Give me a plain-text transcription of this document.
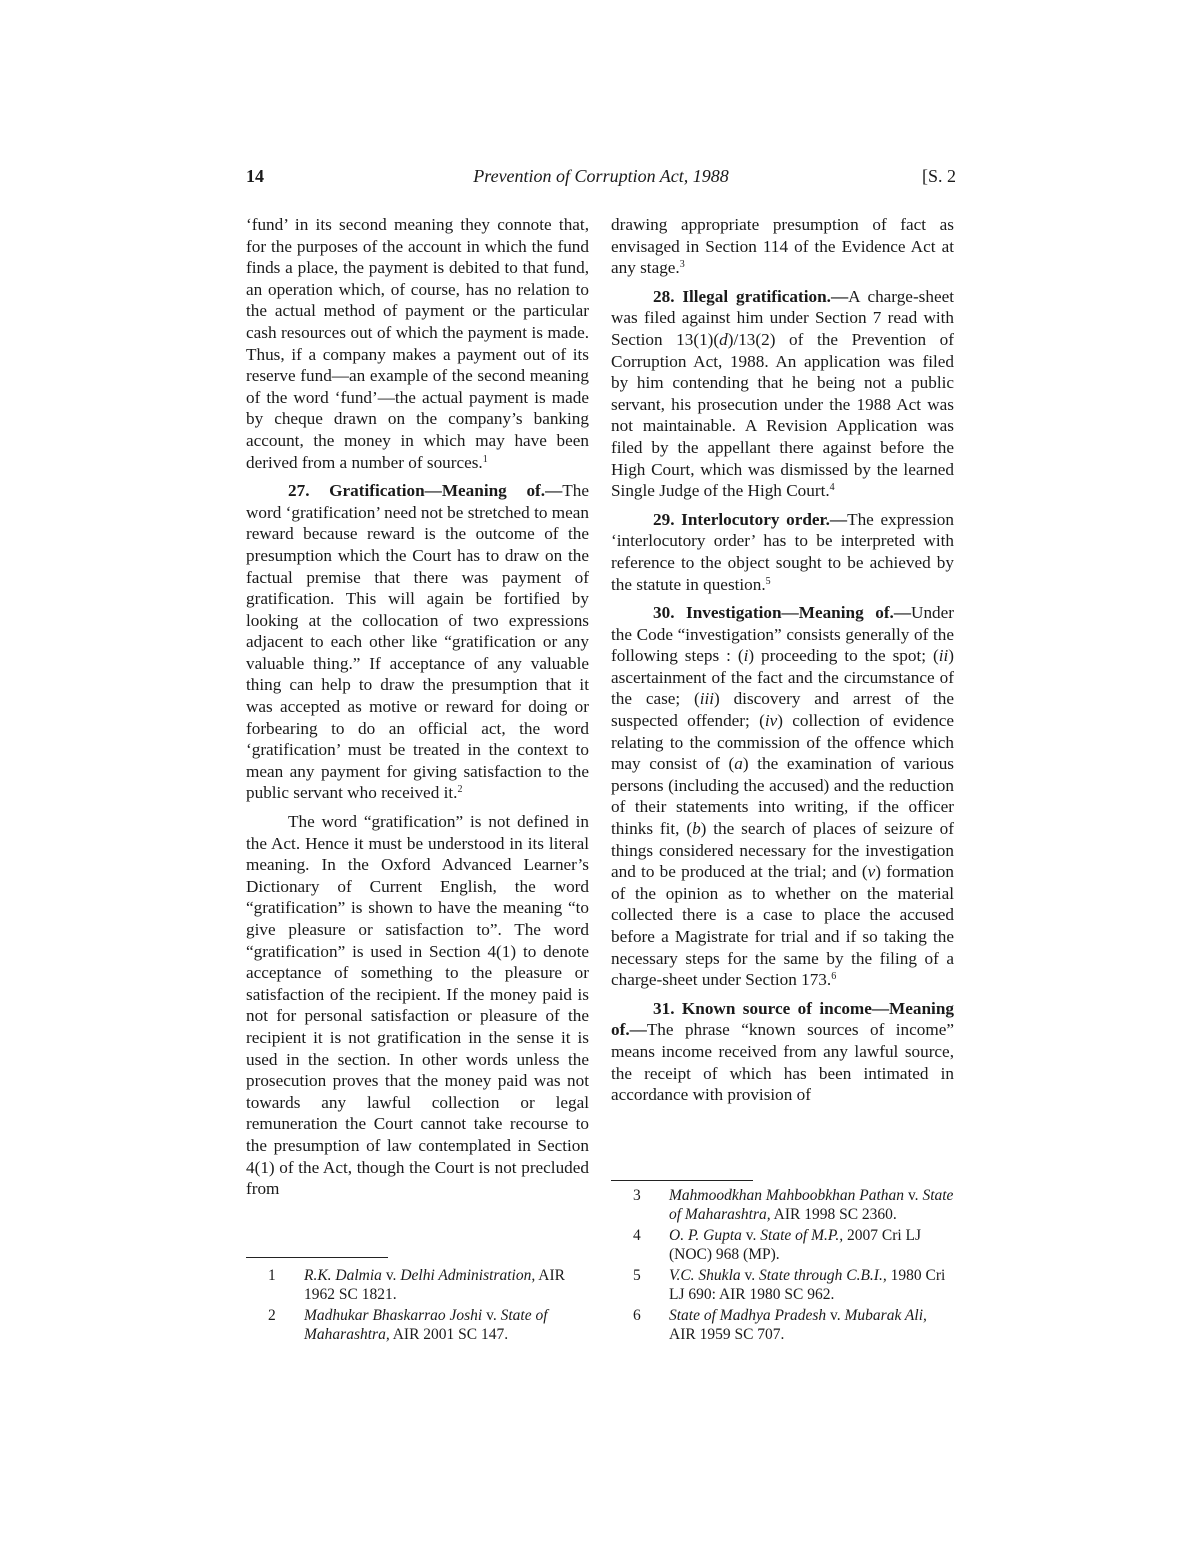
14	Prevention of Corruption Act, 1988	[S. 2

‘fund’ in its second meaning they connote that, for the purposes of the account in which the fund finds a place, the payment is debited to that fund, an operation which, of course, has no relation to the actual method of payment or the particular cash resources out of which the payment is made. Thus, if a company makes a payment out of its reserve fund—an example of the second meaning of the word ‘fund’—the actual payment is made by cheque drawn on the company’s banking account, the money in which may have been derived from a number of sources.$^1$

27. Gratification—Meaning of.—The word ‘gratification’ need not be stretched to mean reward because reward is the outcome of the presumption which the Court has to draw on the factual premise that there was payment of gratification. This will again be fortified by looking at the collocation of two expressions adjacent to each other like “gratification or any valuable thing.” If acceptance of any valuable thing can help to draw the presumption that it was accepted as motive or reward for doing or forbearing to do an official act, the word ‘gratification’ must be treated in the context to mean any payment for giving satisfaction to the public servant who received it.$^2$

The word “gratification” is not defined in the Act. Hence it must be understood in its literal meaning. In the Oxford Advanced Learner’s Dictionary of Current English, the word “gratification” is shown to have the meaning “to give pleasure or satisfaction to”. The word “gratification” is used in Section 4(1) to denote acceptance of something to the pleasure or satisfaction of the recipient. If the money paid is not for personal satisfaction or pleasure of the recipient it is not gratification in the sense it is used in the section. In other words unless the prosecution proves that the money paid was not towards any lawful collection or legal remuneration the Court cannot take recourse to the presumption of law contemplated in Section 4(1) of the Act, though the Court is not precluded from

1	R.K. Dalmia v. Delhi Administration, AIR 1962 SC 1821.
2	Madhukar Bhaskarrao Joshi v. State of Maharashtra, AIR 2001 SC 147.

drawing appropriate presumption of fact as envisaged in Section 114 of the Evidence Act at any stage.$^3$

28. Illegal gratification.—A charge-sheet was filed against him under Section 7 read with Section 13(1)(d)/13(2) of the Prevention of Corruption Act, 1988. An application was filed by him contending that he being not a public servant, his prosecution under the 1988 Act was not maintainable. A Revision Application was filed by the appellant there against before the High Court, which was dismissed by the learned Single Judge of the High Court.$^4$

29. Interlocutory order.—The expression ‘interlocutory order’ has to be interpreted with reference to the object sought to be achieved by the statute in question.$^5$

30. Investigation—Meaning of.—Under the Code “investigation” consists generally of the following steps : (i) proceeding to the spot; (ii) ascertainment of the fact and the circumstance of the case; (iii) discovery and arrest of the suspected offender; (iv) collection of evidence relating to the commission of the offence which may consist of (a) the examination of various persons (including the accused) and the reduction of their statements into writing, if the officer thinks fit, (b) the search of places of seizure of things considered necessary for the investigation and to be produced at the trial; and (v) formation of the opinion as to whether on the material collected there is a case to place the accused before a Magistrate for trial and if so taking the necessary steps for the same by the filing of a charge-sheet under Section 173.$^6$

31. Known source of income—Meaning of.—The phrase “known sources of income” means income received from any lawful source, the receipt of which has been intimated in accordance with provision of

3	Mahmoodkhan Mahboobkhan Pathan v. State of Maharashtra, AIR 1998 SC 2360.
4	O. P. Gupta v. State of M.P., 2007 Cri LJ (NOC) 968 (MP).
5	V.C. Shukla v. State through C.B.I., 1980 Cri LJ 690: AIR 1980 SC 962.
6	State of Madhya Pradesh v. Mubarak Ali, AIR 1959 SC 707.
